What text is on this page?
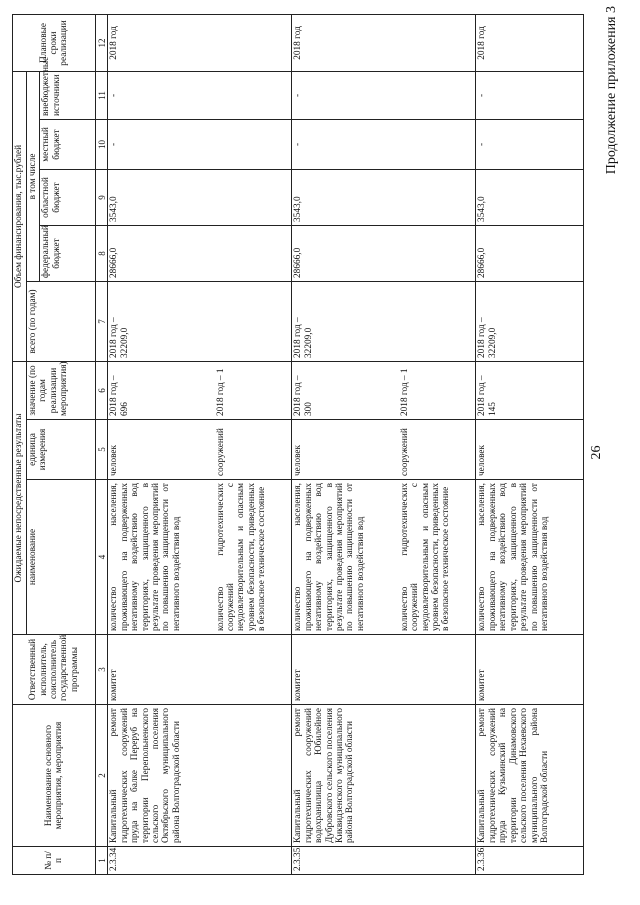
№ п/п	Наименование основного мероприятия, мероприятия	Ответственный исполнитель, соисполнитель государственной программы	Ожидаемые непосредственные результаты			Объем финансирования, тыс.рублей					Плановые сроки реализации
			наименование	единица измерения	значение (по годам реализации мероприятия)	всего (по годам)	в том числе				
							федеральный бюджет	областной бюджет	местный бюджет	внебюджетные источники	
1	2	3	4	5	6	7	8	9	10	11	12
2.3.34.	Капитальный ремонт гидротехнических сооружений пруда на балке Переруб на территории Перепольненского сельского поселения Октябрьского муниципального района Волгоградской области	комитет	количество населения, проживающего на подверженных негативному воздействию вод территориях, защищенного в результате проведения мероприятий по повышению защищенности от негативного воздействия вод	человек	2018 год – 696	2018 год – 32209,0	28666,0	3543,0	-	-	2018 год
			количество гидротехнических сооружений с неудовлетворительным и опасным уровнем безопасности, приведенных в безопасное техническое состояние	сооружений	2018 год – 1						
2.3.35.	Капитальный ремонт гидротехнических сооружений водохранилища Юбилейное Дубровского сельского поселения Киквидзенского муниципального района Волгоградской области	комитет	количество населения, проживающего на подверженных негативному воздействию вод территориях, защищенного в результате проведения мероприятий по повышению защищенности от негативного воздействия вод	человек	2018 год – 300	2018 год – 32209,0	28666,0	3543,0	-	-	2018 год
			количество гидротехнических сооружений с неудовлетворительным и опасным уровнем безопасности, приведенных в безопасное техническое состояние	сооружений	2018 год – 1						
2.3.36.	Капитальный ремонт гидротехнических сооружений пруда Кузьминский на территории Динамовского сельского поселения Нехаевского муниципального района Волгоградской области	комитет	количество населения, проживающего на подверженных негативному воздействию вод территориях, защищенного в результате проведения мероприятий по повышению защищенности от негативного воздействия вод	человек	2018 год – 145	2018 год – 32209,0	28666,0	3543,0	-	-	2018 год
26
Продолжение приложения 3
